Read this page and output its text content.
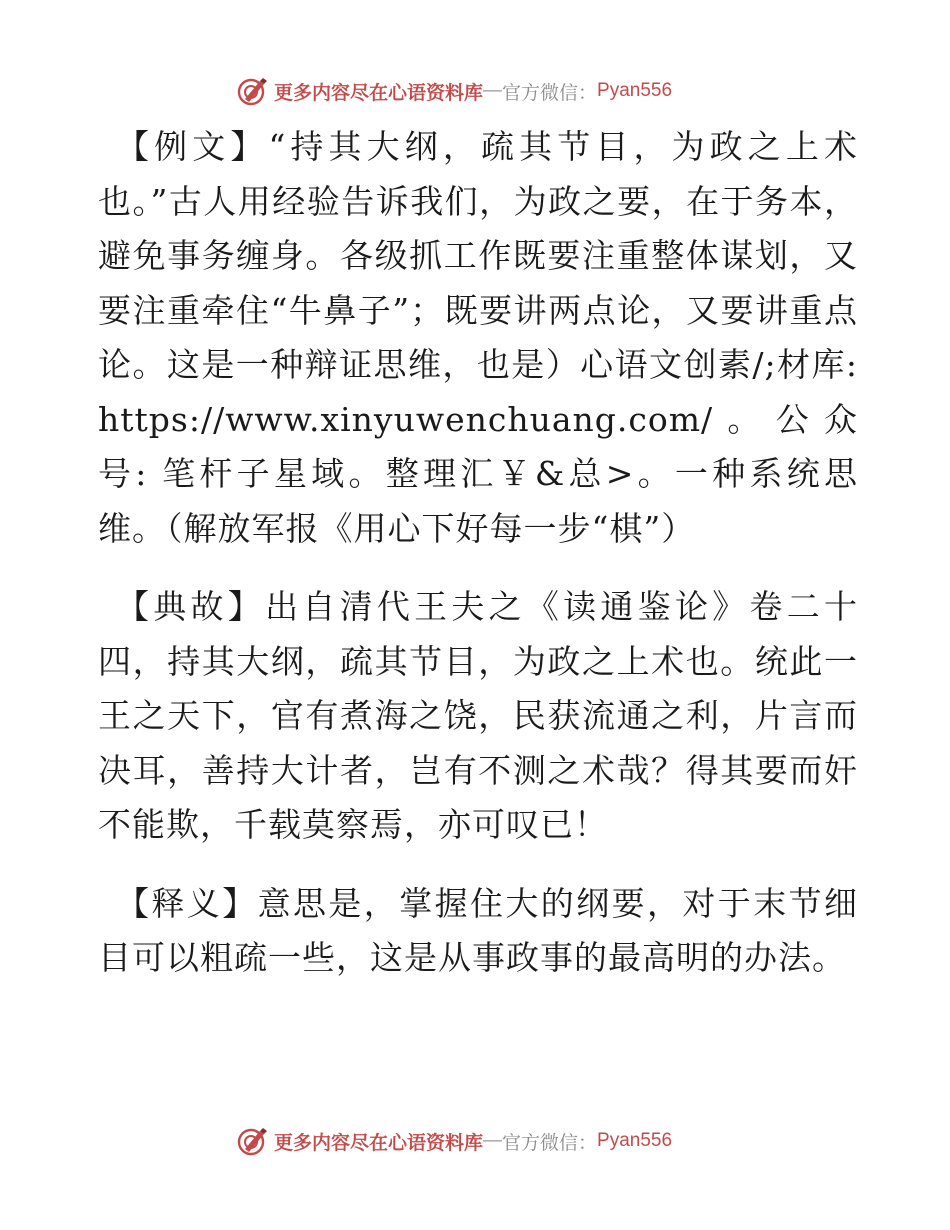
更多内容尽在心语资料库 — 官方微信： Pyan556

【例文】“持其大纲，疏其节目，为政之上术也。”古人用经验告诉我们，为政之要，在于务本，避免事务缠身。各级抓工作既要注重整体谋划，又要注重牵住“牛鼻子”；既要讲两点论，又要讲重点论。这是一种辩证思维，也是）心语文创素/;材库: https://www.xinyuwenchuang.com/。公众号: 笔杆子星域。整理汇￥&总>。一种系统思维。（解放军报《用心下好每一步“棋”）

【典故】出自清代王夫之《读通鉴论》卷二十四，持其大纲，疏其节目，为政之上术也。统此一王之天下，官有煮海之饶，民获流通之利，片言而决耳，善持大计者，岂有不测之术哉？得其要而奸不能欺，千载莫察焉，亦可叹已！

【释义】意思是，掌握住大的纲要，对于末节细目可以粗疏一些，这是从事政事的最高明的办法。

更多内容尽在心语资料库 — 官方微信： Pyan556
